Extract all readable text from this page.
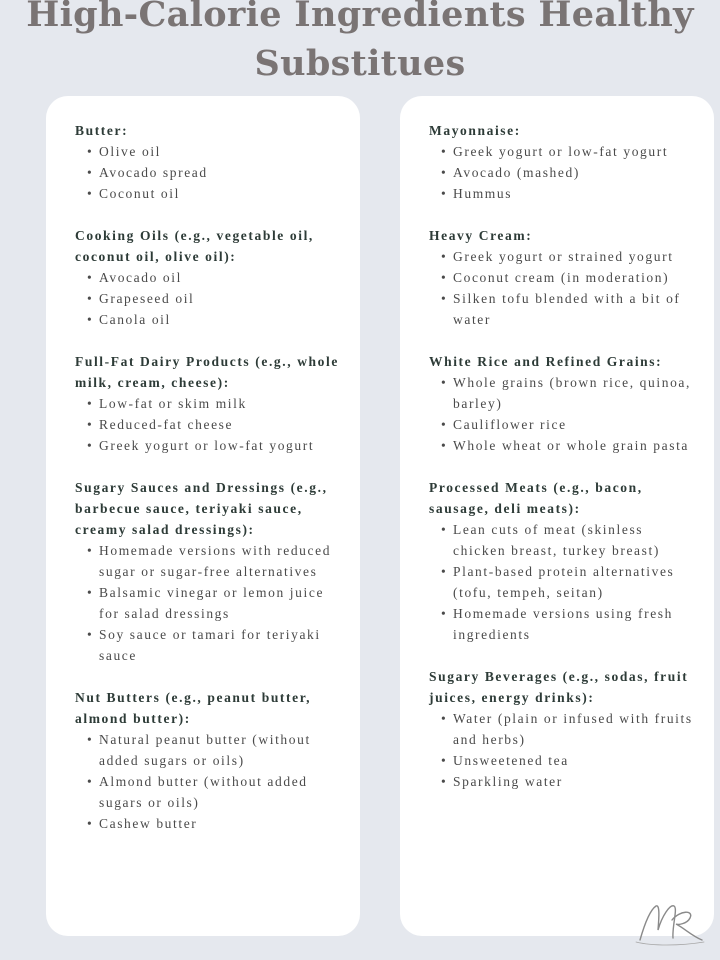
High-Calorie Ingredients Healthy
Substitues

Butter:

• Olive oil
• Avocado spread
• Coconut oil

Cooking Oils (e.g., vegetable oil, coconut oil, olive oil):

• Avocado oil
• Grapeseed oil
• Canola oil

Full-Fat Dairy Products (e.g., whole milk, cream, cheese):

• Low-fat or skim milk
• Reduced-fat cheese
• Greek yogurt or low-fat yogurt

Sugary Sauces and Dressings (e.g., barbecue sauce, teriyaki sauce, creamy salad dressings):

• Homemade versions with reduced sugar or sugar-free alternatives
• Balsamic vinegar or lemon juice for salad dressings
• Soy sauce or tamari for teriyaki sauce

Nut Butters (e.g., peanut butter, almond butter):

• Natural peanut butter (without added sugars or oils)
• Almond butter (without added sugars or oils)
• Cashew butter

Mayonnaise:

• Greek yogurt or low-fat yogurt
• Avocado (mashed)
• Hummus

Heavy Cream:

• Greek yogurt or strained yogurt
• Coconut cream (in moderation)
• Silken tofu blended with a bit of water

White Rice and Refined Grains:

• Whole grains (brown rice, quinoa, barley)
• Cauliflower rice
• Whole wheat or whole grain pasta

Processed Meats (e.g., bacon, sausage, deli meats):

• Lean cuts of meat (skinless chicken breast, turkey breast)
• Plant-based protein alternatives (tofu, tempeh, seitan)
• Homemade versions using fresh ingredients

Sugary Beverages (e.g., sodas, fruit juices, energy drinks):

• Water (plain or infused with fruits and herbs)
• Unsweetened tea
• Sparkling water
